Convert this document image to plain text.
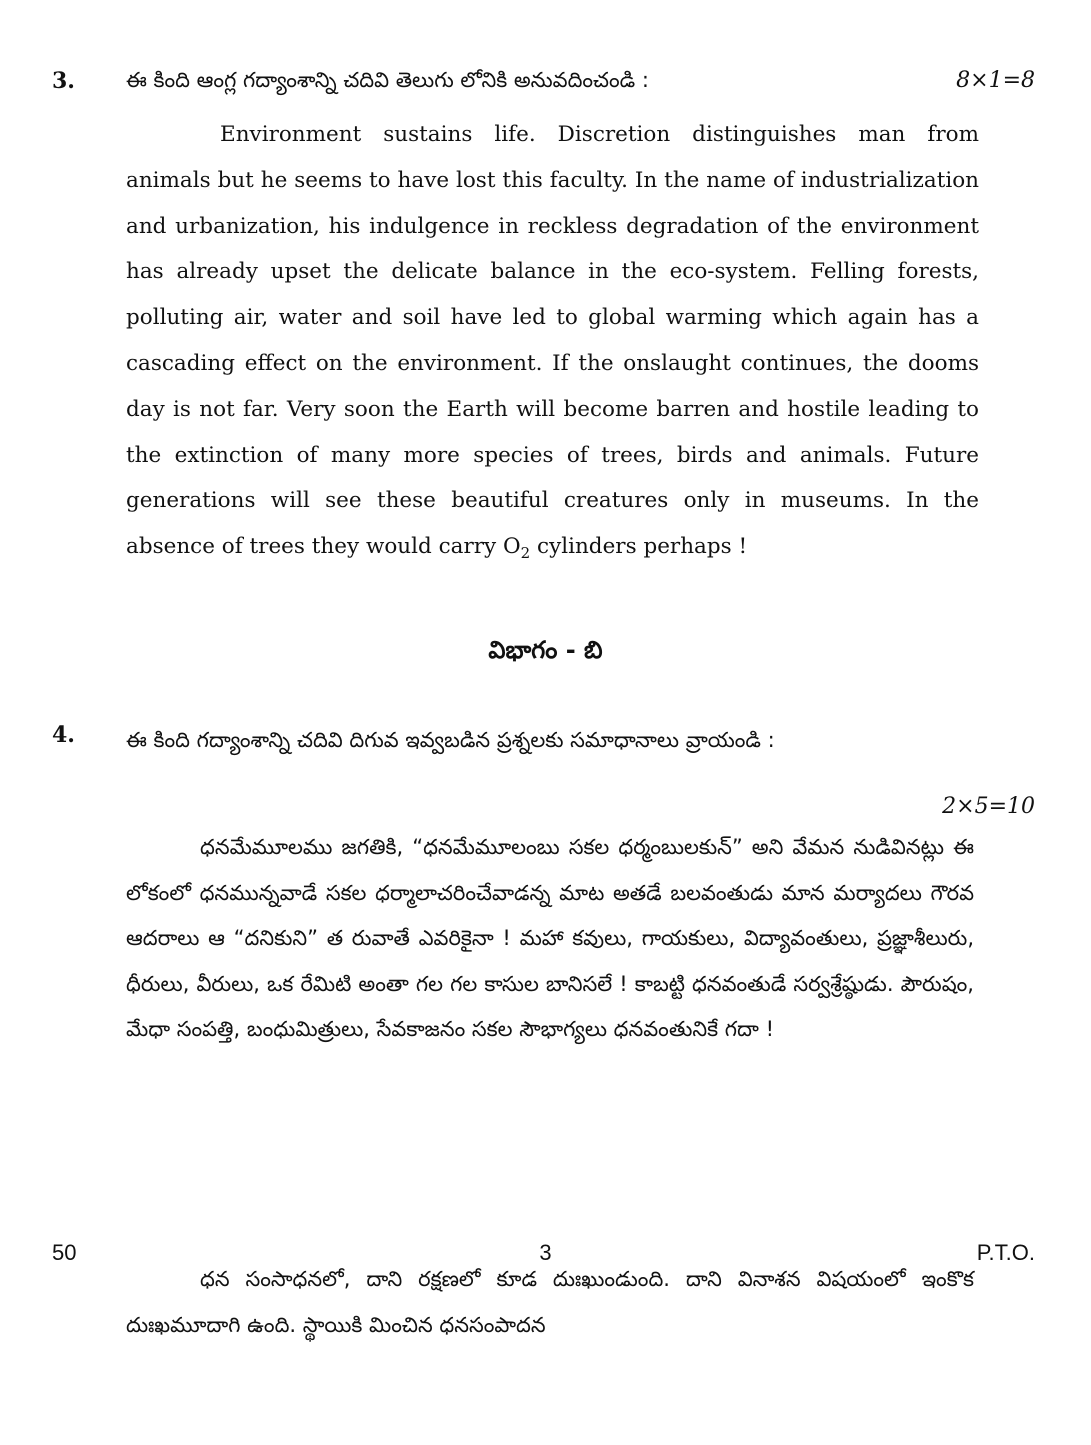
3. ఈ కింది ఆంగ్ల గద్యాంశాన్ని చదివి తెలుగు లోనికి అనువదించండి :	8×1=8
Environment sustains life. Discretion distinguishes man from animals but he seems to have lost this faculty. In the name of industrialization and urbanization, his indulgence in reckless degradation of the environment has already upset the delicate balance in the eco-system. Felling forests, polluting air, water and soil have led to global warming which again has a cascading effect on the environment. If the onslaught continues, the dooms day is not far. Very soon the Earth will become barren and hostile leading to the extinction of many more species of trees, birds and animals. Future generations will see these beautiful creatures only in museums. In the absence of trees they would carry $O_2$ cylinders perhaps !
విభాగం - బి
4. ఈ కింది గద్యాంశాన్ని చదివి దిగువ ఇవ్వబడిన ప్రశ్నలకు సమాధానాలు వ్రాయండి :
2×5=10

ధనమేమూలము జగతికి, “ధనమేమూలంబు సకల ధర్మంబులకున్” అని వేమన నుడివినట్లు ఈ లోకంలో ధనమున్నవాడే సకల ధర్మాలాచరించేవాడన్న మాట అతడే బలవంతుడు మాన మర్యాదలు గౌరవ ఆదరాలు ఆ “దనికుని” త రువాతే ఎవరికైనా ! మహా కవులు, గాయకులు, విద్యావంతులు, ప్రజ్ఞాశీలురు, ధీరులు, వీరులు, ఒక రేమిటి అంతా గల గల కాసుల బానిసలే ! కాబట్టి ధనవంతుడే సర్వశ్రేష్ఠుడు. పౌరుషం, మేధా సంపత్తి, బంధుమిత్రులు, సేవకాజనం సకల సౌభాగ్యలు ధనవంతునికే గదా !

ధన సంసాధనలో, దాని రక్షణలో కూడ దుఃఖుండుంది. దాని వినాశన విషయంలో ఇంకొక దుఃఖమూదాగి ఉంది. స్థాయికి మించిన ధనసంపాదన

50	3	P.T.O.
